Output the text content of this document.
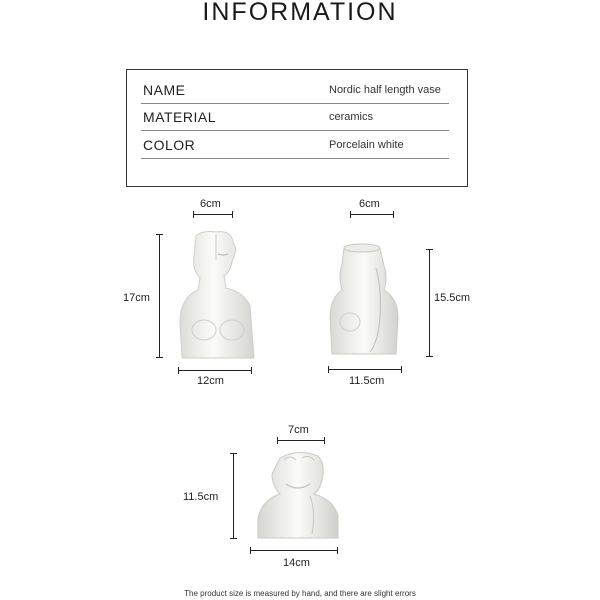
INFORMATION
NAME	Nordic half length vase
MATERIAL	ceramics
COLOR	Porcelain white
6cm
17cm
12cm
6cm
15.5cm
11.5cm
7cm
11.5cm
14cm
The product size is measured by hand, and there are slight errors
